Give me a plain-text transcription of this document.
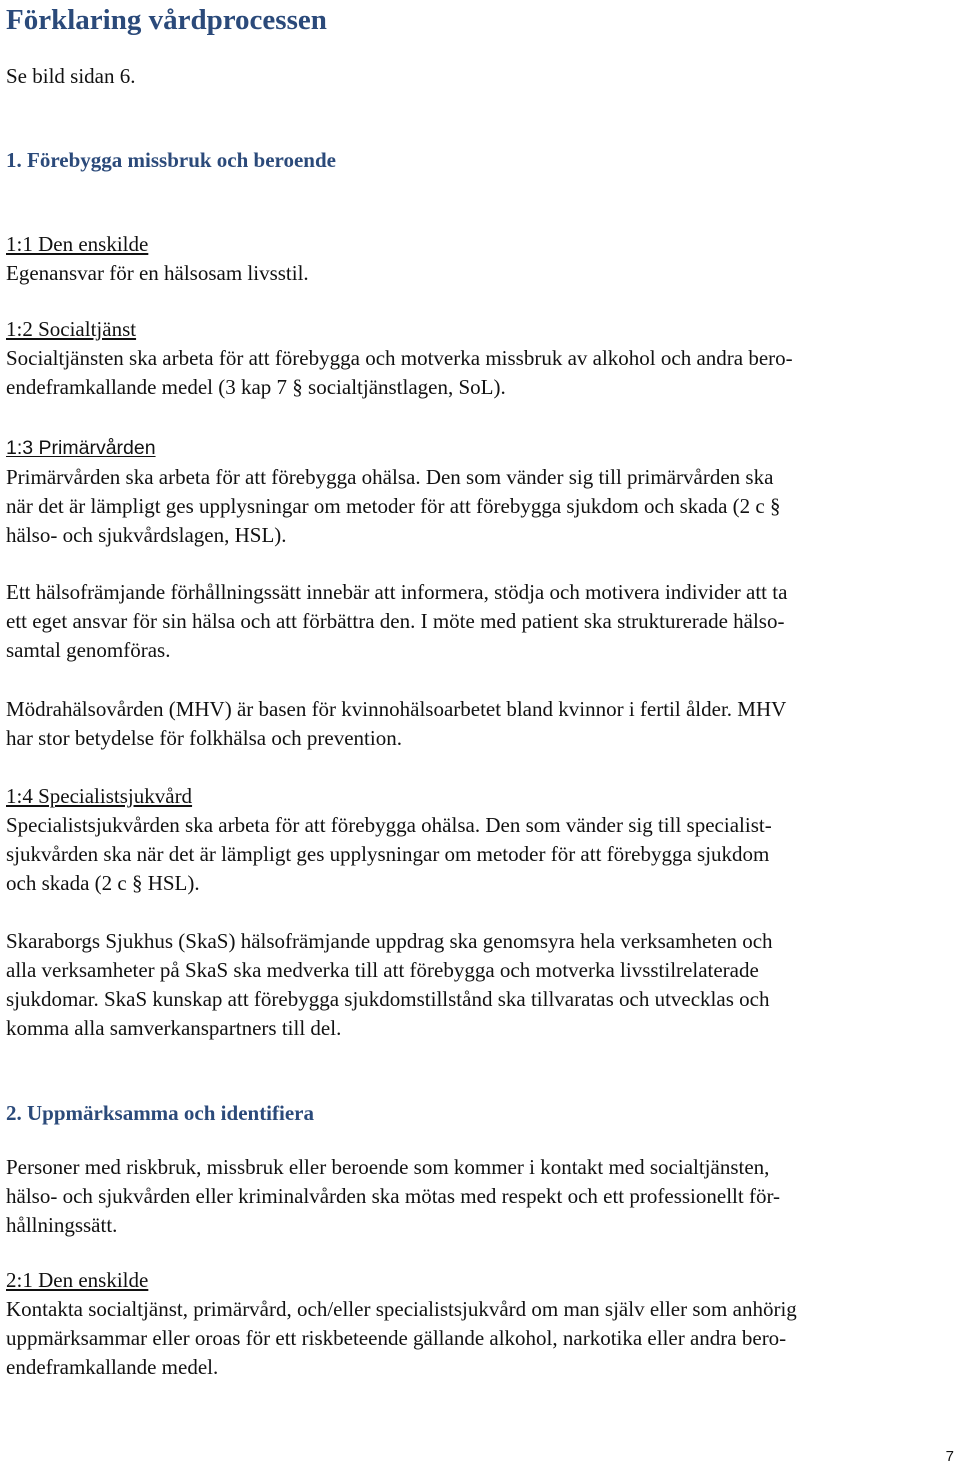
Förklaring vårdprocessen

Se bild sidan 6.

1. Förebygga missbruk och beroende

1:1 Den enskilde

Egenansvar för en hälsosam livsstil.

1:2 Socialtjänst

Socialtjänsten ska arbeta för att förebygga och motverka missbruk av alkohol och andra bero-

endeframkallande medel (3 kap 7 § socialtjänstlagen, SoL).

1:3 Primärvården

Primärvården ska arbeta för att förebygga ohälsa. Den som vänder sig till primärvården ska

när det är lämpligt ges upplysningar om metoder för att förebygga sjukdom och skada (2 c §

hälso- och sjukvårdslagen, HSL).

Ett hälsofrämjande förhållningssätt innebär att informera, stödja och motivera individer att ta

ett eget ansvar för sin hälsa och att förbättra den. I möte med patient ska strukturerade hälso-

samtal genomföras.

Mödrahälsovården (MHV) är basen för kvinnohälsoarbetet bland kvinnor i fertil ålder. MHV

har stor betydelse för folkhälsa och prevention.

1:4 Specialistsjukvård

Specialistsjukvården ska arbeta för att förebygga ohälsa. Den som vänder sig till specialist-

sjukvården ska när det är lämpligt ges upplysningar om metoder för att förebygga sjukdom

och skada (2 c § HSL).

Skaraborgs Sjukhus (SkaS) hälsofrämjande uppdrag ska genomsyra hela verksamheten och

alla verksamheter på SkaS ska medverka till att förebygga och motverka livsstilrelaterade

sjukdomar. SkaS kunskap att förebygga sjukdomstillstånd ska tillvaratas och utvecklas och

komma alla samverkanspartners till del.

2. Uppmärksamma och identifiera

Personer med riskbruk, missbruk eller beroende som kommer i kontakt med socialtjänsten,

hälso- och sjukvården eller kriminalvården ska mötas med respekt och ett professionellt för-

hållningssätt.

2:1 Den enskilde

Kontakta socialtjänst, primärvård, och/eller specialistsjukvård om man själv eller som anhörig

uppmärksammar eller oroas för ett riskbeteende gällande alkohol, narkotika eller andra bero-

endeframkallande medel.

7
